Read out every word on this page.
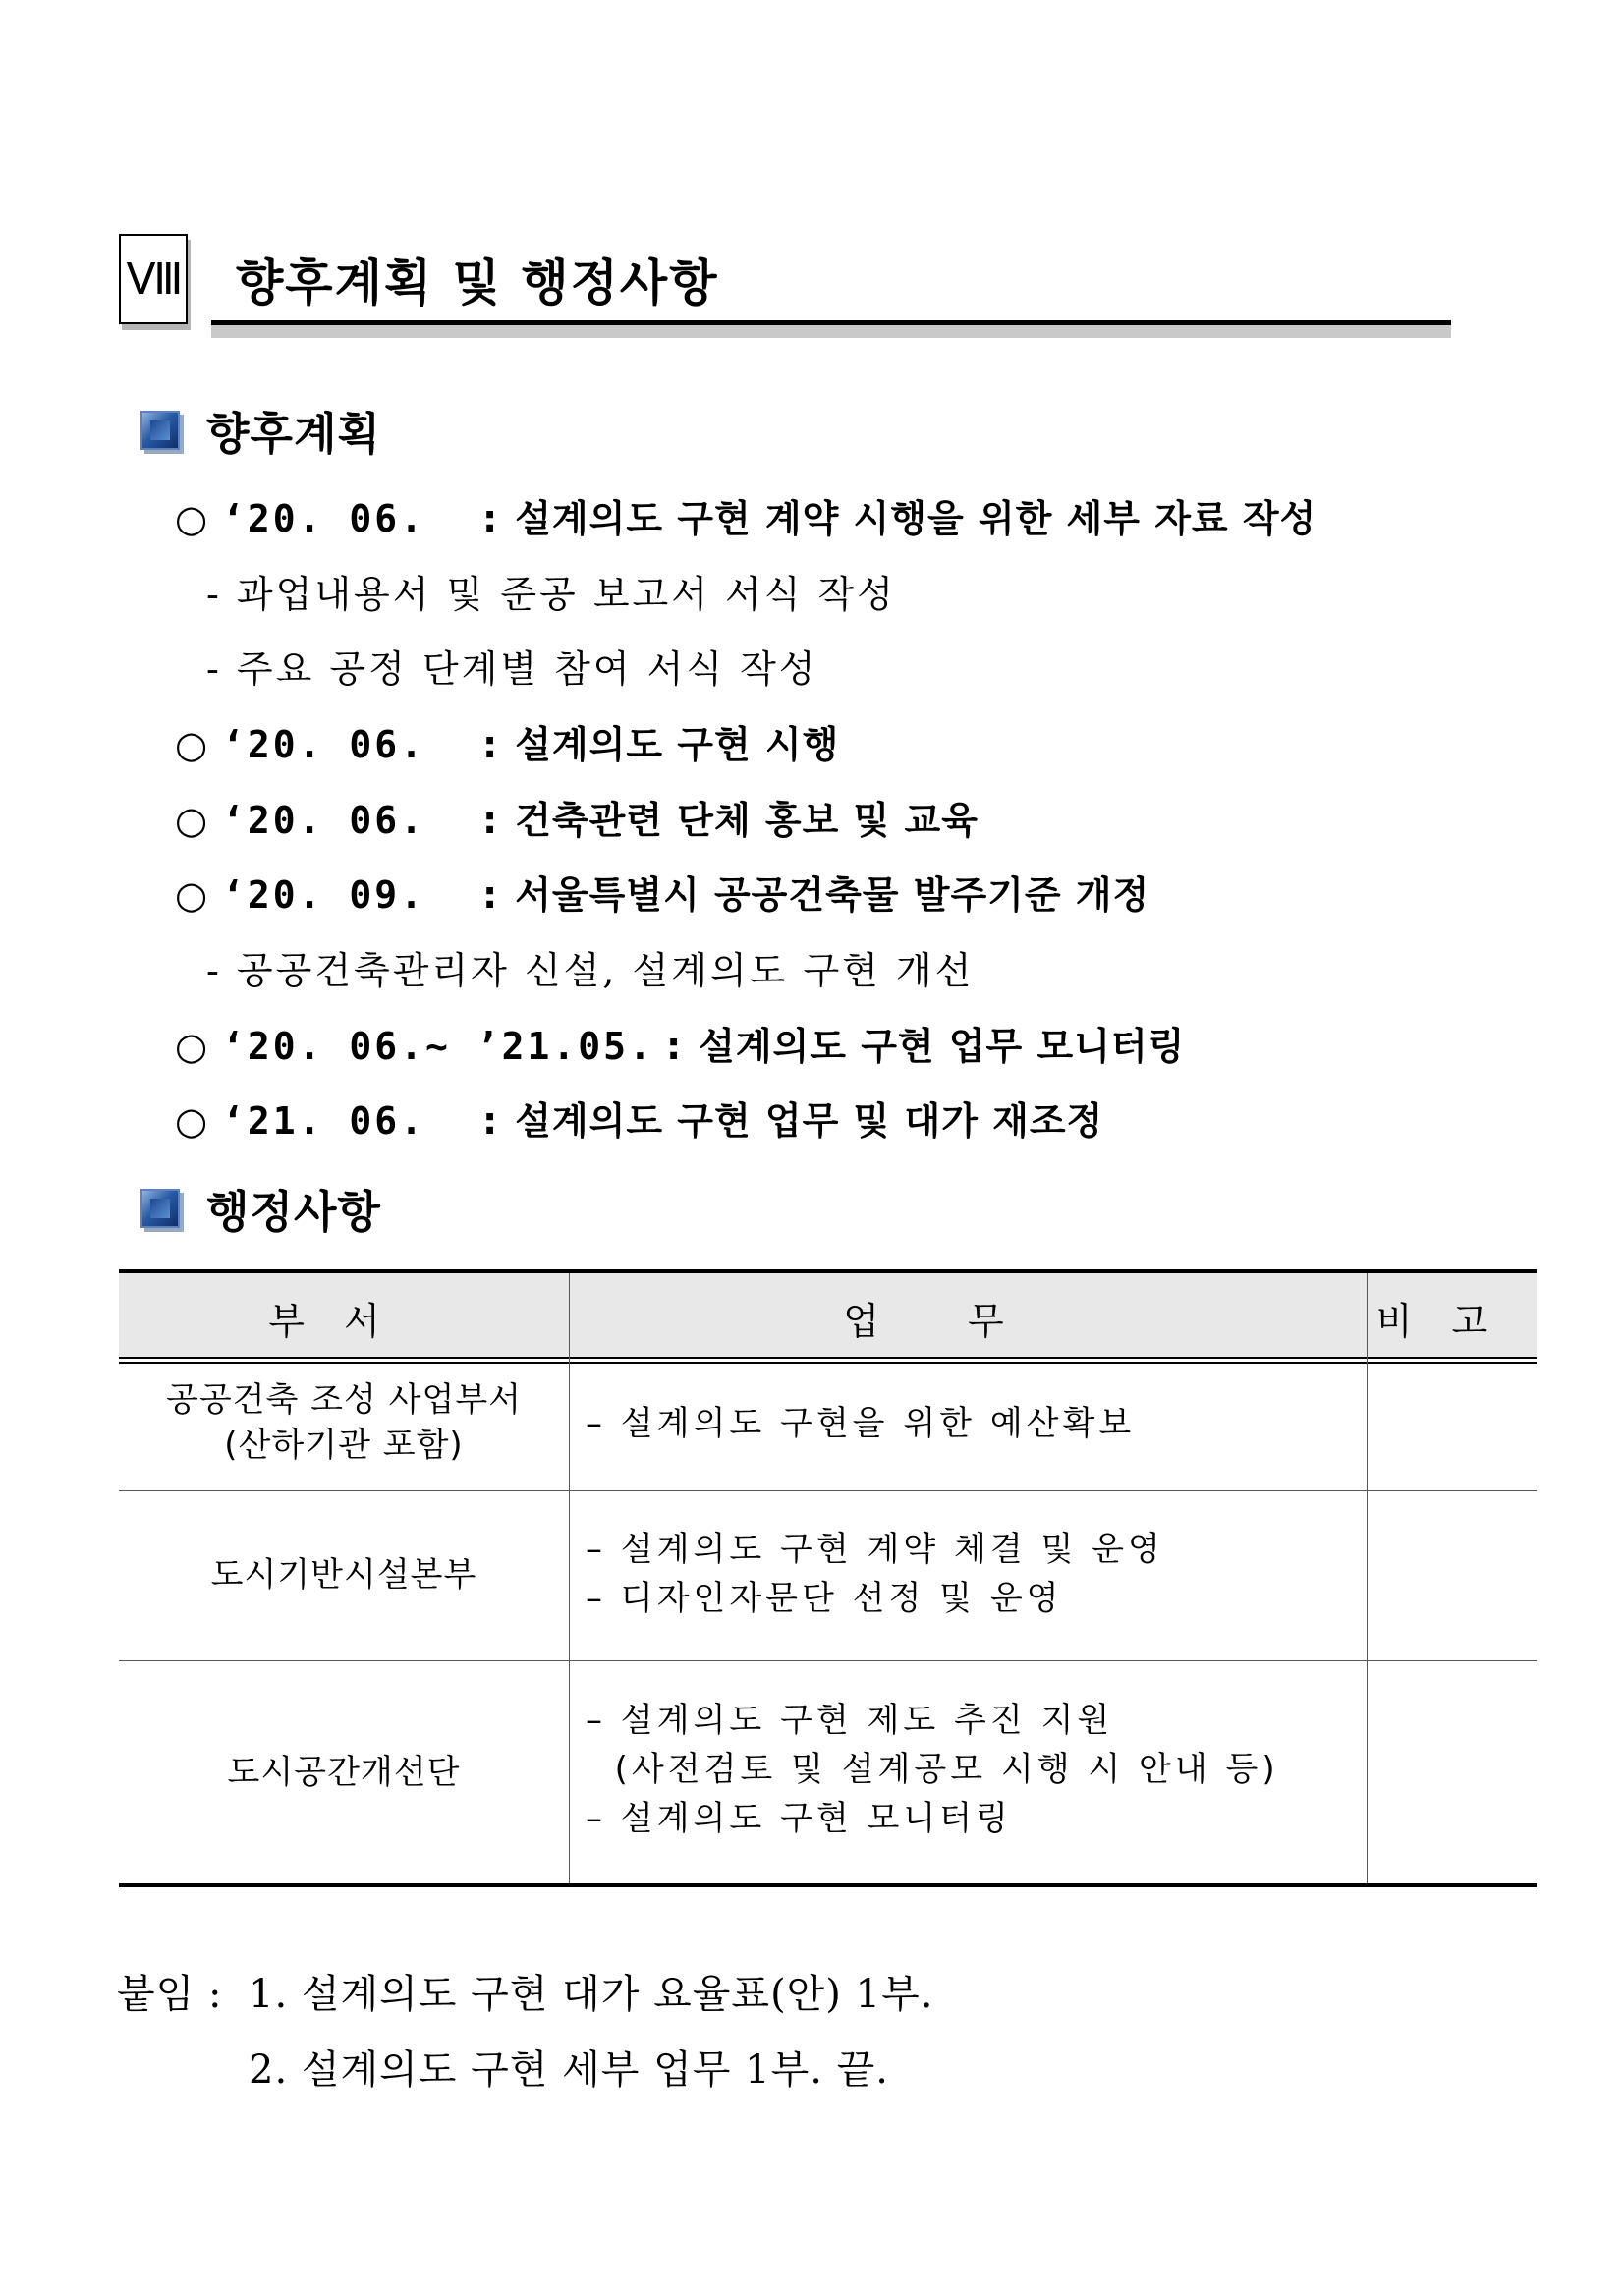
Ⅷ 향후계획 및 행정사항
향후계획
○ ‘20. 06. : 설계의도 구현 계약 시행을 위한 세부 자료 작성
- 과업내용서 및 준공 보고서 서식 작성
- 주요 공정 단계별 참여 서식 작성
○ ‘20. 06. : 설계의도 구현 시행
○ ‘20. 06. : 건축관련 단체 홍보 및 교육
○ ‘20. 09. : 서울특별시 공공건축물 발주기준 개정
- 공공건축관리자 신설, 설계의도 구현 개선
○ ‘20. 06.~ ’21.05. : 설계의도 구현 업무 모니터링
○ ‘21. 06. : 설계의도 구현 업무 및 대가 재조정
행정사항
부서	업무	비고
공공건축 조성 사업부서
(산하기관 포함)
– 설계의도 구현을 위한 예산확보
도시기반시설본부
– 설계의도 구현 계약 체결 및 운영
– 디자인자문단 선정 및 운영
도시공간개선단
– 설계의도 구현 제도 추진 지원
(사전검토 및 설계공모 시행 시 안내 등)
– 설계의도 구현 모니터링
붙임 : 1. 설계의도 구현 대가 요율표(안) 1부.
2. 설계의도 구현 세부 업무 1부. 끝.
